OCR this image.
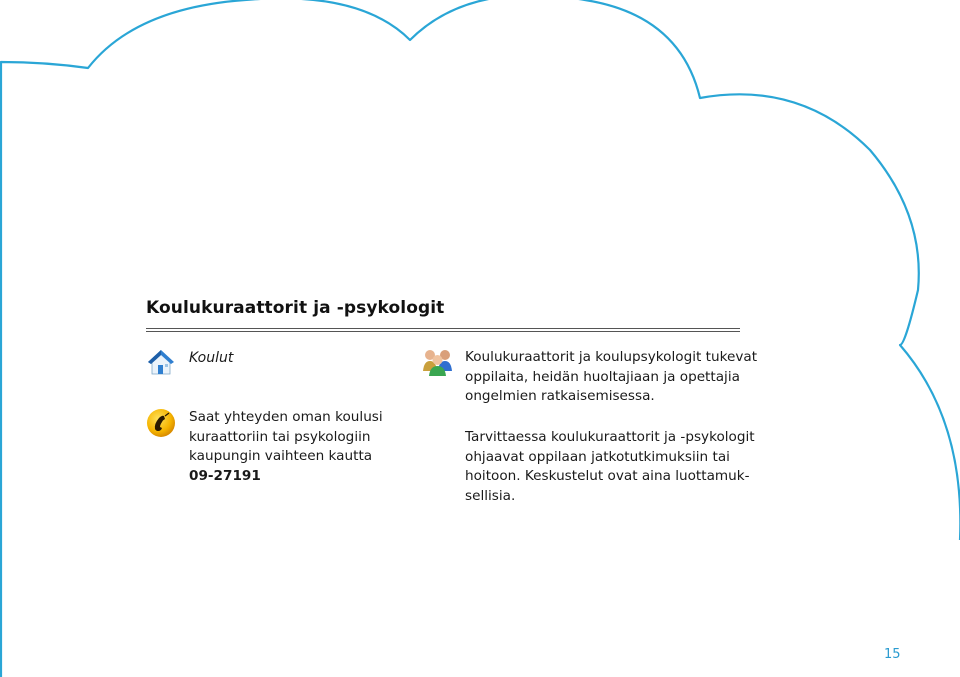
Koulukuraattorit ja -psykologit
Koulut
Saat yhteyden oman koulusi
kuraattoriin tai psykologiin
kaupungin vaihteen kautta
09-27191
Koulukuraattorit ja koulupsykologit tukevat
oppilaita, heidän huoltajiaan ja opettajia
ongelmien ratkaisemisessa.
Tarvittaessa koulukuraattorit ja -psykologit
ohjaavat oppilaan jatkotutkimuksiin tai
hoitoon. Keskustelut ovat aina luottamuk-
sellisia.
15
